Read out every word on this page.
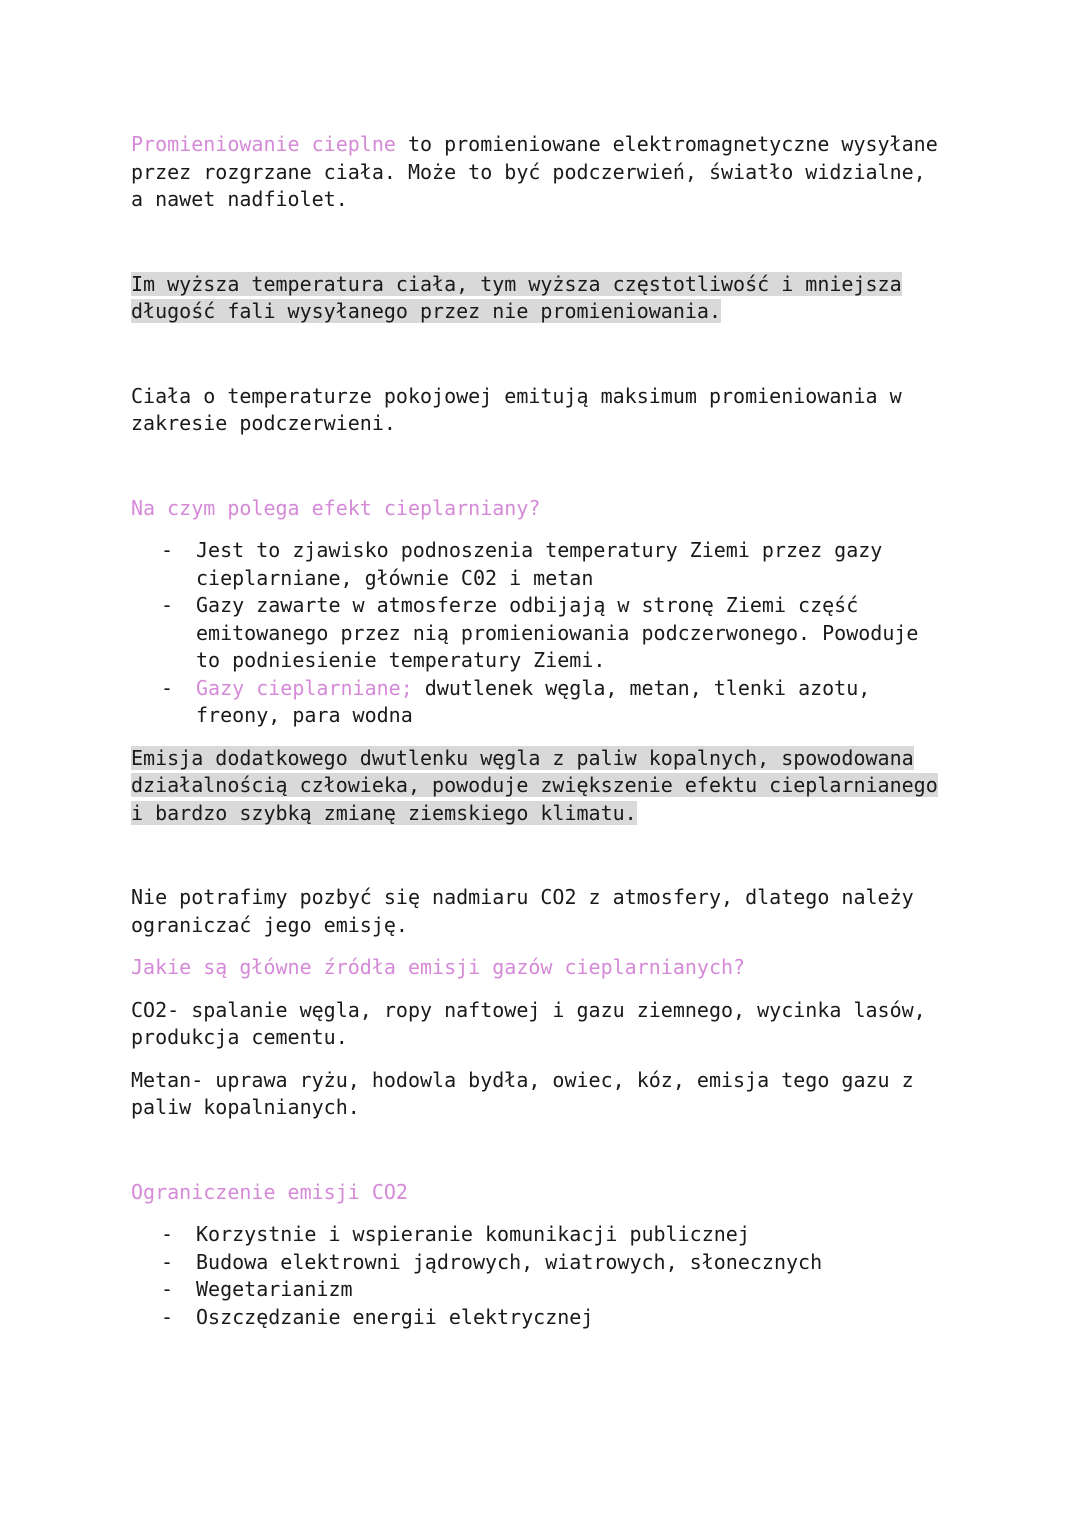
Promieniowanie cieplne to promieniowane elektromagnetyczne wysyłane przez rozgrzane ciała. Może to być podczerwień, światło widzialne, a nawet nadfiolet.

Im wyższa temperatura ciała, tym wyższa częstotliwość i mniejsza długość fali wysyłanego przez nie promieniowania.

Ciała o temperaturze pokojowej emitują maksimum promieniowania w zakresie podczerwieni.

Na czym polega efekt cieplarniany?

- Jest to zjawisko podnoszenia temperatury Ziemi przez gazy cieplarniane, głównie C02 i metan
- Gazy zawarte w atmosferze odbijają w stronę Ziemi część emitowanego przez nią promieniowania podczerwonego. Powoduje to podniesienie temperatury Ziemi.
- Gazy cieplarniane; dwutlenek węgla, metan, tlenki azotu, freony, para wodna

Emisja dodatkowego dwutlenku węgla z paliw kopalnych, spowodowana działalnością człowieka, powoduje zwiększenie efektu cieplarnianego i bardzo szybką zmianę ziemskiego klimatu.

Nie potrafimy pozbyć się nadmiaru CO2 z atmosfery, dlatego należy ograniczać jego emisję.

Jakie są główne źródła emisji gazów cieplarnianych?

CO2- spalanie węgla, ropy naftowej i gazu ziemnego, wycinka lasów, produkcja cementu.

Metan- uprawa ryżu, hodowla bydła, owiec, kóz, emisja tego gazu z paliw kopalnianych.

Ograniczenie emisji CO2

- Korzystnie i wspieranie komunikacji publicznej
- Budowa elektrowni jądrowych, wiatrowych, słonecznych
- Wegetarianizm
- Oszczędzanie energii elektrycznej
